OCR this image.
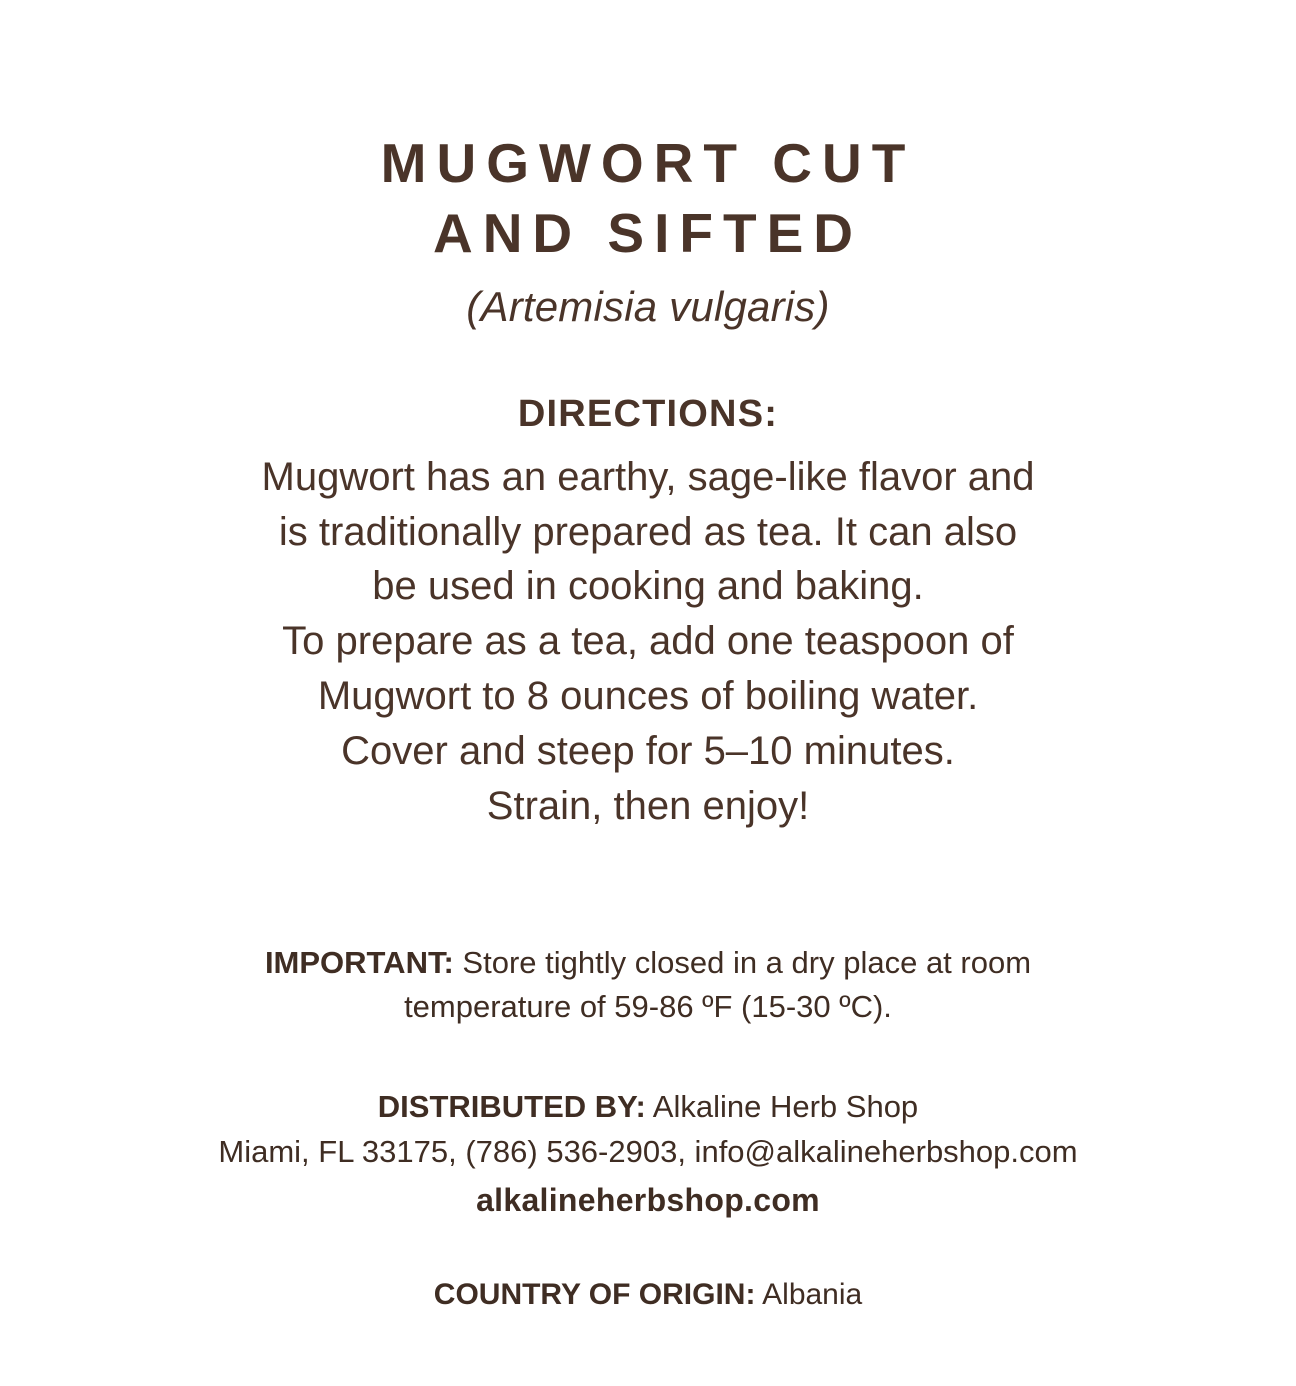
MUGWORT CUT
AND SIFTED
(Artemisia vulgaris)
DIRECTIONS:

Mugwort has an earthy, sage-like flavor and

is traditionally prepared as tea. It can also

be used in cooking and baking.

To prepare as a tea, add one teaspoon of

Mugwort to 8 ounces of boiling water.

Cover and steep for 5–10 minutes.

Strain, then enjoy!

IMPORTANT: Store tightly closed in a dry place at room
temperature of 59-86 ºF (15-30 ºC).
DISTRIBUTED BY: Alkaline Herb Shop
Miami, FL 33175, (786) 536-2903, info@alkalineherbshop.com
alkalineherbshop.com
COUNTRY OF ORIGIN: Albania
